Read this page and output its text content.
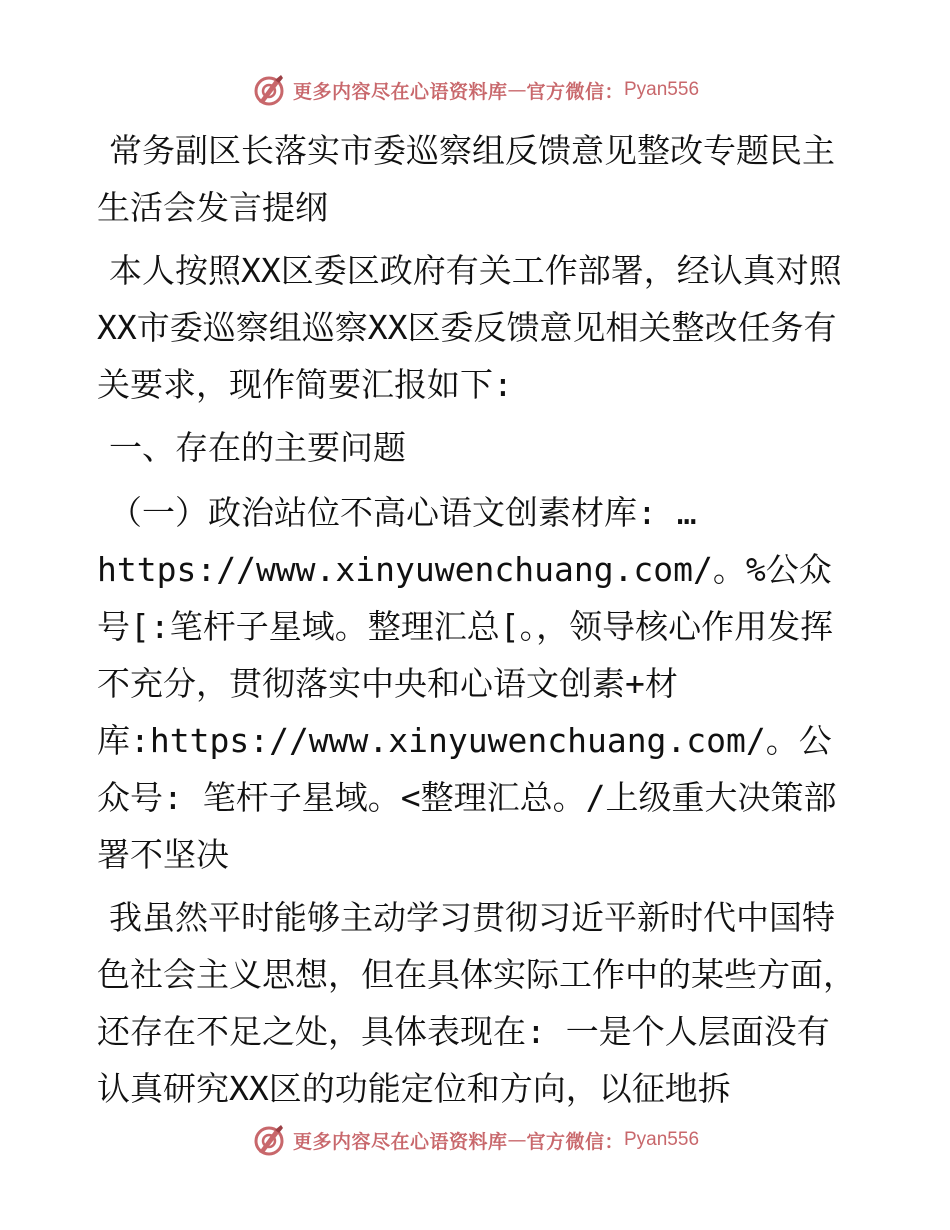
更多内容尽在心语资料库 — 官方微信： Pyan556

常务副区长落实市委巡察组反馈意见整改专题民主生活会发言提纲

本人按照XX区委区政府有关工作部署，经认真对照XX市委巡察组巡察XX区委反馈意见相关整改任务有关要求，现作简要汇报如下:

一、存在的主要问题

（一）政治站位不高心语文创素材库: …https://www.xinyuwenchuang.com/。%公众号[:笔杆子星域。整理汇总[。，领导核心作用发挥不充分，贯彻落实中央和心语文创素+材库:https://www.xinyuwenchuang.com/。公众号: 笔杆子星域。<整理汇总。/上级重大决策部署不坚决

我虽然平时能够主动学习贯彻习近平新时代中国特色社会主义思想，但在具体实际工作中的某些方面，还存在不足之处，具体表现在: 一是个人层面没有认真研究XX区的功能定位和方向，以征地拆

更多内容尽在心语资料库 — 官方微信： Pyan556
